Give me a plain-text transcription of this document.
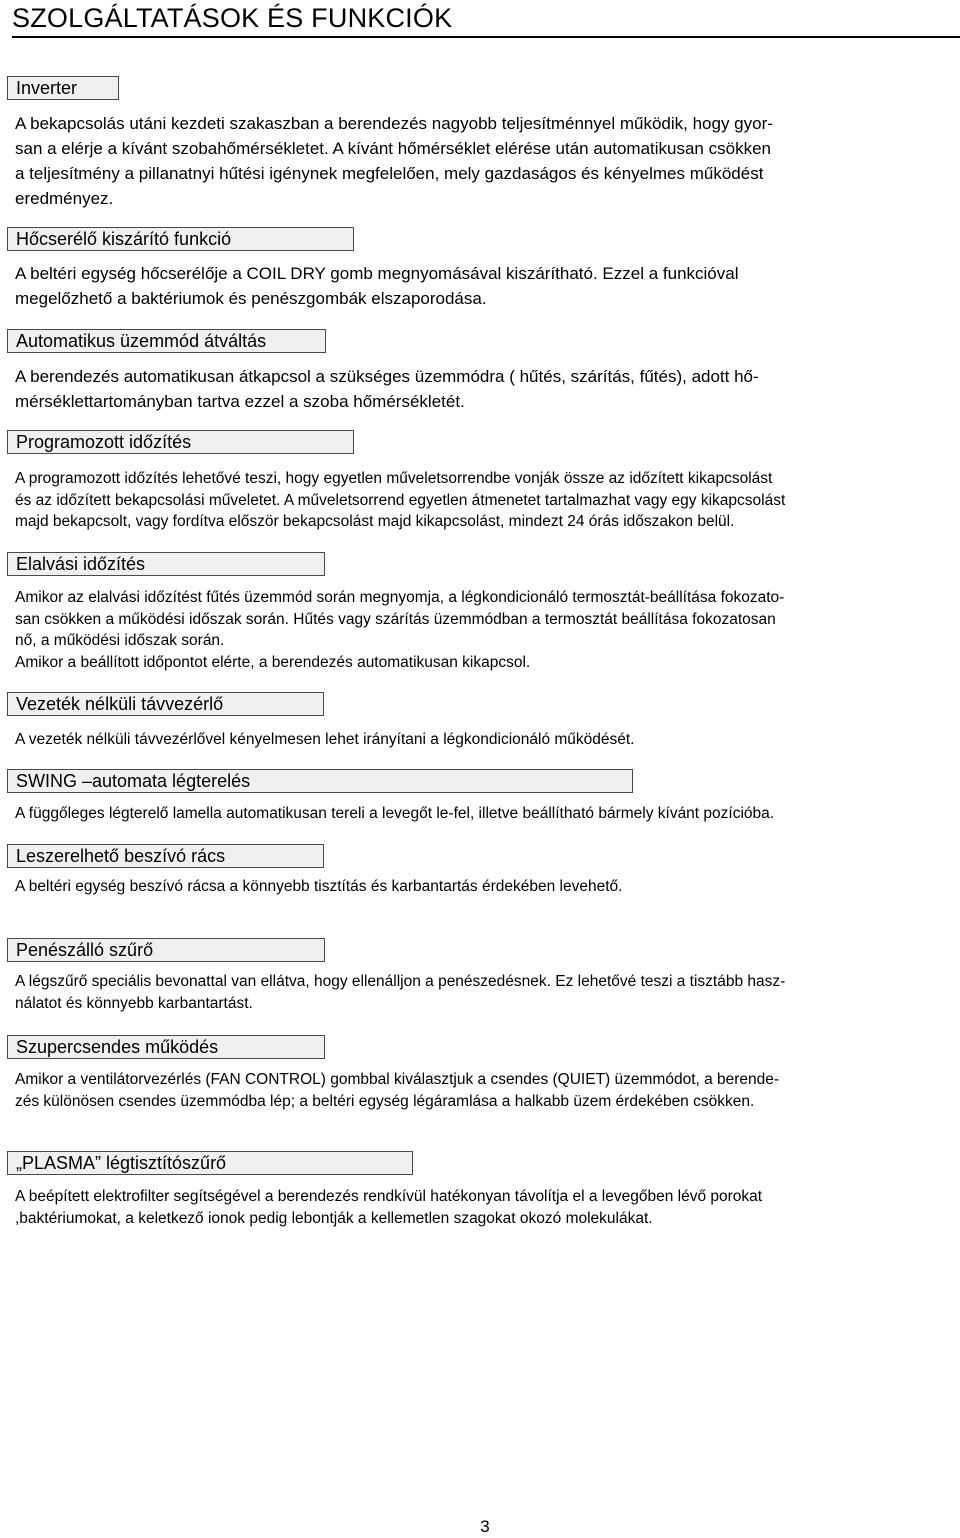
SZOLGÁLTATÁSOK ÉS FUNKCIÓK
Inverter

A bekapcsolás utáni kezdeti szakaszban a berendezés nagyobb teljesítménnyel működik, hogy gyor-
san a elérje a kívánt szobahőmérsékletet. A kívánt hőmérséklet elérése után automatikusan csökken
a teljesítmény a pillanatnyi hűtési igénynek megfelelően, mely gazdaságos és kényelmes működést
eredményez.

Hőcserélő kiszárító funkció

A beltéri egység hőcserélője a COIL DRY gomb megnyomásával kiszárítható. Ezzel a funkcióval
megelőzhető a baktériumok és penészgombák elszaporodása.

Automatikus üzemmód átváltás

A berendezés automatikusan átkapcsol a szükséges üzemmódra ( hűtés, szárítás, fűtés), adott hő-
mérséklettartományban tartva ezzel a szoba hőmérsékletét.

Programozott időzítés

A programozott időzítés lehetővé teszi, hogy egyetlen műveletsorrendbe vonják össze az időzített kikapcsolást
és az időzített bekapcsolási műveletet. A műveletsorrend egyetlen átmenetet tartalmazhat vagy egy kikapcsolást
majd bekapcsolt, vagy fordítva először bekapcsolást majd kikapcsolást, mindezt 24 órás időszakon belül.

Elalvási időzítés

Amikor az elalvási időzítést fűtés üzemmód során megnyomja, a légkondicionáló termosztát-beállítása fokozato-
san csökken a működési időszak során. Hűtés vagy szárítás üzemmódban a termosztát beállítása fokozatosan
nő, a működési időszak során.
Amikor a beállított időpontot elérte, a berendezés automatikusan kikapcsol.

Vezeték nélküli távvezérlő

A vezeték nélküli távvezérlővel kényelmesen lehet irányítani a légkondicionáló működését.

SWING –automata légterelés

A függőleges légterelő lamella automatikusan tereli a levegőt le-fel, illetve beállítható bármely kívánt pozícióba.

Leszerelhető beszívó rács

A beltéri egység beszívó rácsa a könnyebb tisztítás és karbantartás érdekében levehető.

Penészálló szűrő

A légszűrő speciális bevonattal van ellátva, hogy ellenálljon a penészedésnek. Ez lehetővé teszi a tisztább hasz-
nálatot és könnyebb karbantartást.

Szupercsendes működés

Amikor a ventilátorvezérlés (FAN CONTROL) gombbal kiválasztjuk a csendes (QUIET) üzemmódot, a berende-
zés különösen csendes üzemmódba lép; a beltéri egység légáramlása a halkabb üzem érdekében csökken.

„PLASMA” légtisztítószűrő

A beépített elektrofilter segítségével a berendezés rendkívül hatékonyan távolítja el a levegőben lévő porokat
,baktériumokat, a keletkező ionok pedig lebontják a kellemetlen szagokat okozó molekulákat.

3
